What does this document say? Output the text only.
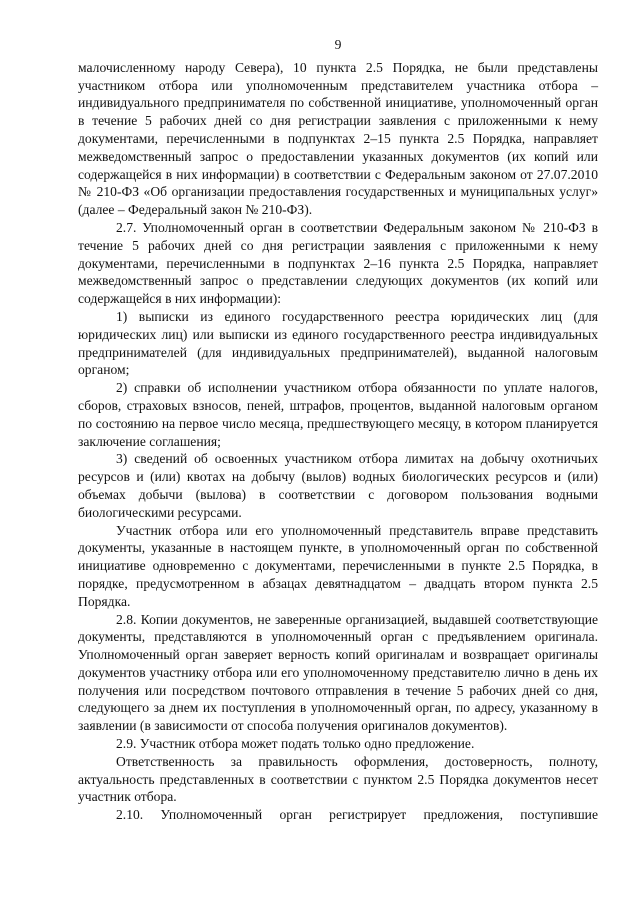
9

малочисленному народу Севера), 10 пункта 2.5 Порядка, не были представлены участником отбора или уполномоченным представителем участника отбора – индивидуального предпринимателя по собственной инициативе, уполномоченный орган в течение 5 рабочих дней со дня регистрации заявления с приложенными к нему документами, перечисленными в подпунктах 2–15 пункта 2.5 Порядка, направляет межведомственный запрос о предоставлении указанных документов (их копий или содержащейся в них информации) в соответствии с Федеральным законом от 27.07.2010 № 210-ФЗ «Об организации предоставления государственных и муниципальных услуг» (далее – Федеральный закон № 210-ФЗ).

2.7. Уполномоченный орган в соответствии Федеральным законом № 210-ФЗ в течение 5 рабочих дней со дня регистрации заявления с приложенными к нему документами, перечисленными в подпунктах 2–16 пункта 2.5 Порядка, направляет межведомственный запрос о представлении следующих документов (их копий или содержащейся в них информации):

1) выписки из единого государственного реестра юридических лиц (для юридических лиц) или выписки из единого государственного реестра индивидуальных предпринимателей (для индивидуальных предпринимателей), выданной налоговым органом;

2) справки об исполнении участником отбора обязанности по уплате налогов, сборов, страховых взносов, пеней, штрафов, процентов, выданной налоговым органом по состоянию на первое число месяца, предшествующего месяцу, в котором планируется заключение соглашения;

3) сведений об освоенных участником отбора лимитах на добычу охотничьих ресурсов и (или) квотах на добычу (вылов) водных биологических ресурсов и (или) объемах добычи (вылова) в соответствии с договором пользования водными биологическими ресурсами.

Участник отбора или его уполномоченный представитель вправе представить документы, указанные в настоящем пункте, в уполномоченный орган по собственной инициативе одновременно с документами, перечисленными в пункте 2.5 Порядка, в порядке, предусмотренном в абзацах девятнадцатом – двадцать втором пункта 2.5 Порядка.

2.8. Копии документов, не заверенные организацией, выдавшей соответствующие документы, представляются в уполномоченный орган с предъявлением оригинала. Уполномоченный орган заверяет верность копий оригиналам и возвращает оригиналы документов участнику отбора или его уполномоченному представителю лично в день их получения или посредством почтового отправления в течение 5 рабочих дней со дня, следующего за днем их поступления в уполномоченный орган, по адресу, указанному в заявлении (в зависимости от способа получения оригиналов документов).

2.9. Участник отбора может подать только одно предложение.

Ответственность за правильность оформления, достоверность, полноту, актуальность представленных в соответствии с пунктом 2.5 Порядка документов несет участник отбора.

2.10. Уполномоченный орган регистрирует предложения, поступившие
